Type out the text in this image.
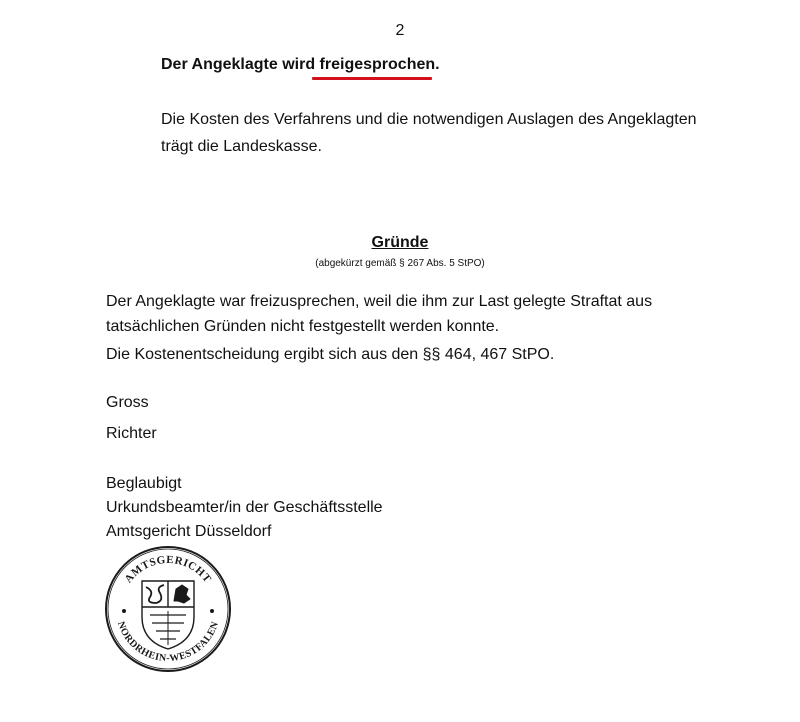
2

Der Angeklagte wird freigesprochen.

Die Kosten des Verfahrens und die notwendigen Auslagen des Angeklagten
trägt die Landeskasse.
Gründe
(abgekürzt gemäß § 267 Abs. 5 StPO)
Der Angeklagte war freizusprechen, weil die ihm zur Last gelegte Straftat aus
tatsächlichen Gründen nicht festgestellt werden konnte.
Die Kostenentscheidung ergibt sich aus den §§ 464, 467 StPO.
Gross
Richter
Beglaubigt
Urkundsbeamter/in der Geschäftsstelle
Amtsgericht Düsseldorf
AMTSGERICHT
NORDRHEIN-WESTFALEN
